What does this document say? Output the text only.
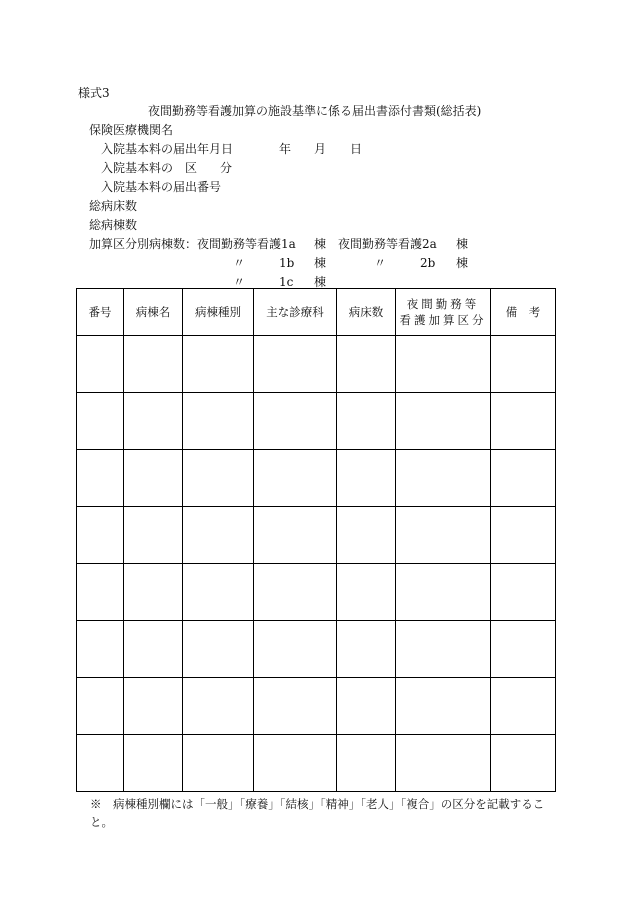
様式3
夜間勤務等看護加算の施設基準に係る届出書添付書類(総括表)
保険医療機関名
入院基本料の届出年月日	年 月 日
入院基本料の　区 分
入院基本料の届出番号
総病床数
総病棟数
加算区分別病棟数：夜間勤務等看護1a 棟 夜間勤務等看護2a 棟
〃	1b 棟	〃	2b 棟
〃	1c 棟
番号	病棟名	病棟種別	主な診療科	病床数	夜間勤務等
看護加算区分	備　考

※　病棟種別欄には「一般」「療養」「結核」「精神」「老人」「複合」の区分を記載すること。
